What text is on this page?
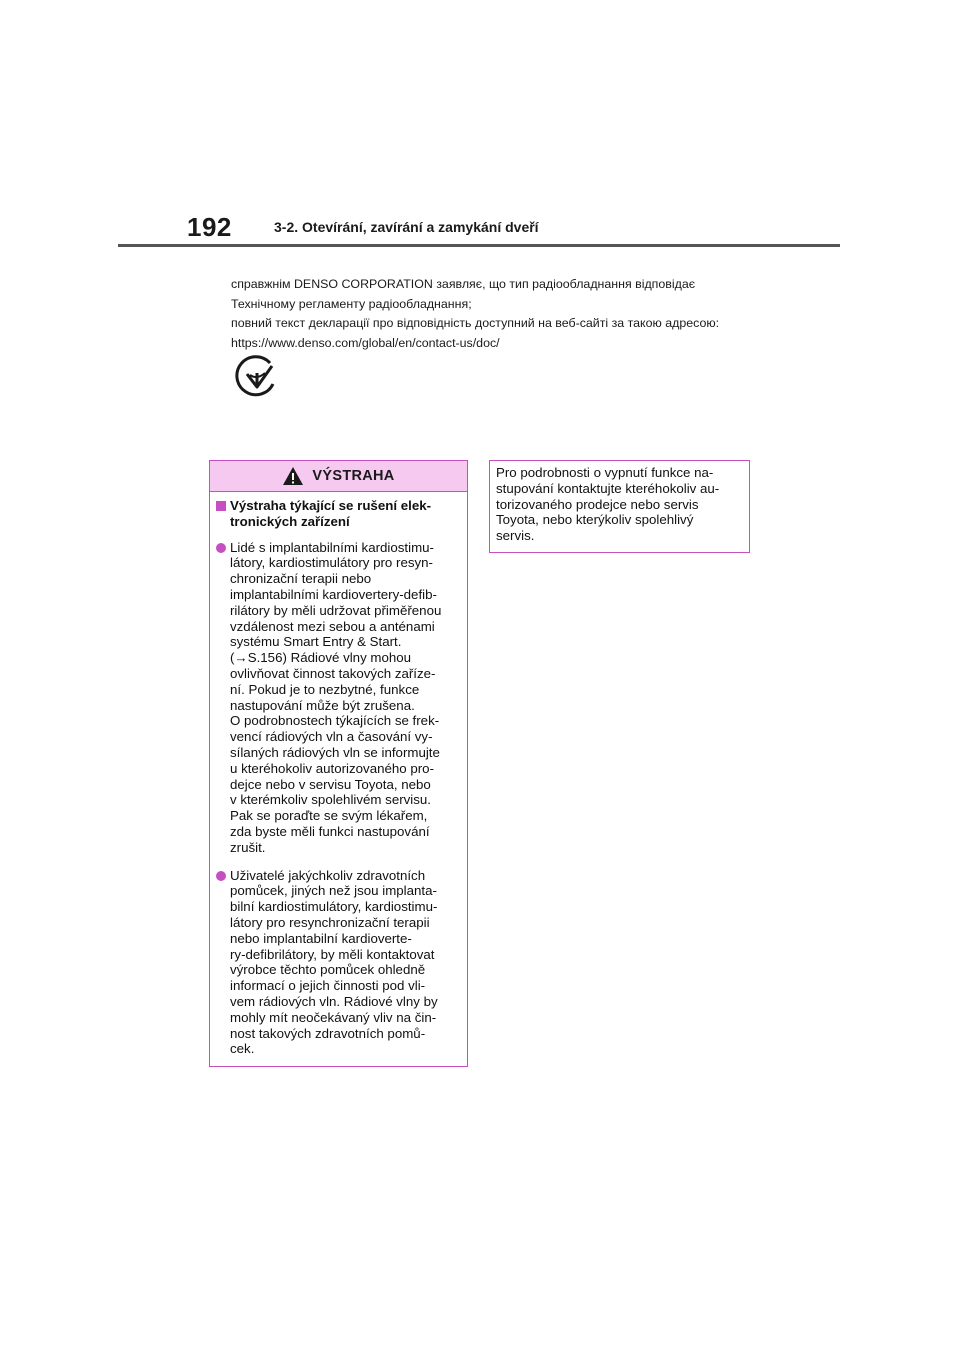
192	3-2. Otevírání, zavírání a zamykání dveří
справжнім DENSO CORPORATION заявляє, що тип радіообладнання відповідає
Технічному регламенту радіообладнання;
повний текст декларації про відповідність доступний на веб-сайті за такою адресою:
https://www.denso.com/global/en/contact-us/doc/
VÝSTRAHA
Výstraha týkající se rušení elek-
tronických zařízení
Lidé s implantabilními kardiostimu-
látory, kardiostimulátory pro resyn-
chronizační terapii nebo
implantabilními kardiovertery-defib-
rilátory by měli udržovat přiměřenou
vzdálenost mezi sebou a anténami
systému Smart Entry & Start.
(→S.156) Rádiové vlny mohou
ovlivňovat činnost takových zaříze-
ní. Pokud je to nezbytné, funkce
nastupování může být zrušena.
O podrobnostech týkajících se frek-
vencí rádiových vln a časování vy-
sílaných rádiových vln se informujte
u kteréhokoliv autorizovaného pro-
dejce nebo v servisu Toyota, nebo
v kterémkoliv spolehlivém servisu.
Pak se poraďte se svým lékařem,
zda byste měli funkci nastupování
zrušit.
Uživatelé jakýchkoliv zdravotních
pomůcek, jiných než jsou implanta-
bilní kardiostimulátory, kardiostimu-
látory pro resynchronizační terapii
nebo implantabilní kardioverte-
ry-defibrilátory, by měli kontaktovat
výrobce těchto pomůcek ohledně
informací o jejich činnosti pod vli-
vem rádiových vln. Rádiové vlny by
mohly mít neočekávaný vliv na čin-
nost takových zdravotních pomů-
cek.
Pro podrobnosti o vypnutí funkce na-
stupování kontaktujte kteréhokoliv au-
torizovaného prodejce nebo servis
Toyota, nebo kterýkoliv spolehlivý
servis.
